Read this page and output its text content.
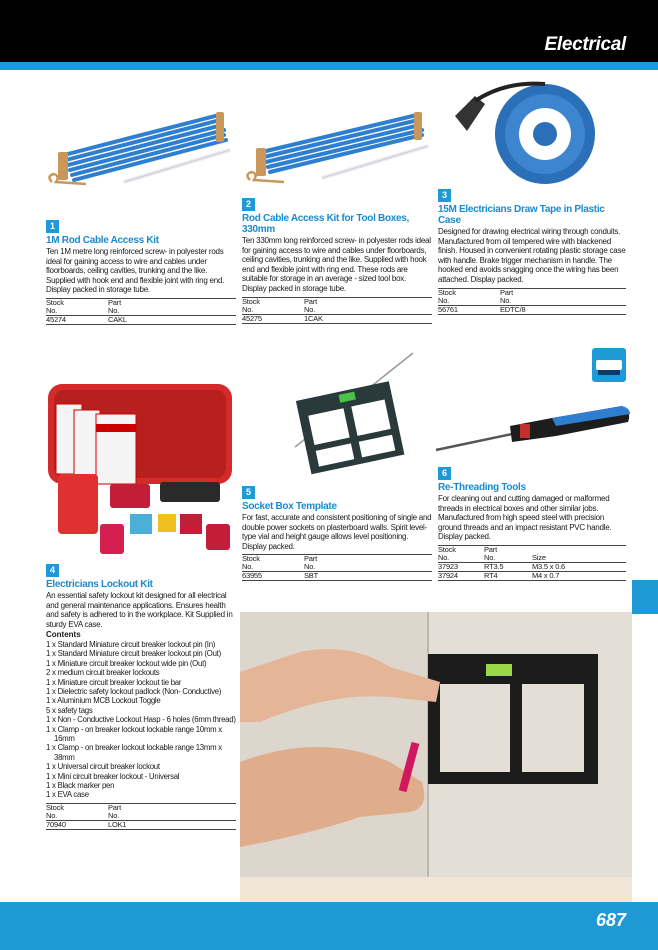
Electrical
1
1M Rod Cable Access Kit
Ten 1M metre long reinforced screw- in polyester rods ideal for gaining access to wire and cables under floorboards, ceiling cavities, trunking and the like. Supplied with hook end and flexible joint with ring end. Display packed in storage tube.
Stock
No.	Part
No.
45274	CAKL
2
Rod Cable Access Kit for Tool Boxes, 330mm
Ten 330mm long reinforced screw- in polyester rods ideal for gaining access to wire and cables under floorboards, ceiling cavities, trunking and the like. Supplied with hook end and flexible joint with ring end. These rods are suitable for storage in an average - sized tool box. Display packed in storage tube.
Stock
No.	Part
No.
45275	1CAK
3
15M Electricians Draw Tape in Plastic Case
Designed for drawing electrical wiring through conduits. Manufactured from oil tempered wire with blackened finish. Housed in convenient rotating plastic storage case with handle. Brake trigger mechanism in handle. The hooked end avoids snagging once the wiring has been attached. Display packed.
Stock
No.	Part
No.
56761	EDTC/8
4
Electricians Lockout Kit
An essential safety lockout kit designed for all electrical and general maintenance applications. Ensures health and safety is adhered to in the workplace. Kit Supplied in sturdy EVA case.
Contents
1 x Standard Miniature circuit breaker lockout pin (In)
1 x Standard Miniature circuit breaker lockout pin (Out)
1 x Miniature circuit breaker lockout wide pin (Out)
2 x medium circuit breaker lockouts
1 x Miniature circuit breaker lockout tie bar
1 x Dielectric safety lockout padlock (Non- Conductive)
1 x Aluminium MCB Lockout Toggle
5 x safety tags
1 x Non - Conductive Lockout Hasp - 6 holes (6mm thread)
1 x Clamp - on breaker lockout lockable range 10mm x 16mm
1 x Clamp - on breaker lockout lockable range 13mm x 38mm
1 x Universal circuit breaker lockout
1 x Mini circuit breaker lockout - Universal
1 x Black marker pen
1 x EVA case
Stock
No.	Part
No.
70940	LOK1
5
Socket Box Template
For fast, accurate and consistent positioning of single and double power sockets on plasterboard walls. Spirit level-type vial and height gauge allows level positioning. Display packed.
Stock
No.	Part
No.
63955	SBT
6
Re-Threading Tools
For cleaning out and cutting damaged or malformed threads in electrical boxes and other similar jobs. Manufactured from high speed steel with precision ground threads and an impact resistant PVC handle. Display packed.
Stock
No.	Part
No.	Size
37923	RT3.5	M3.5 x 0.6
37924	RT4	M4 x 0.7
687
